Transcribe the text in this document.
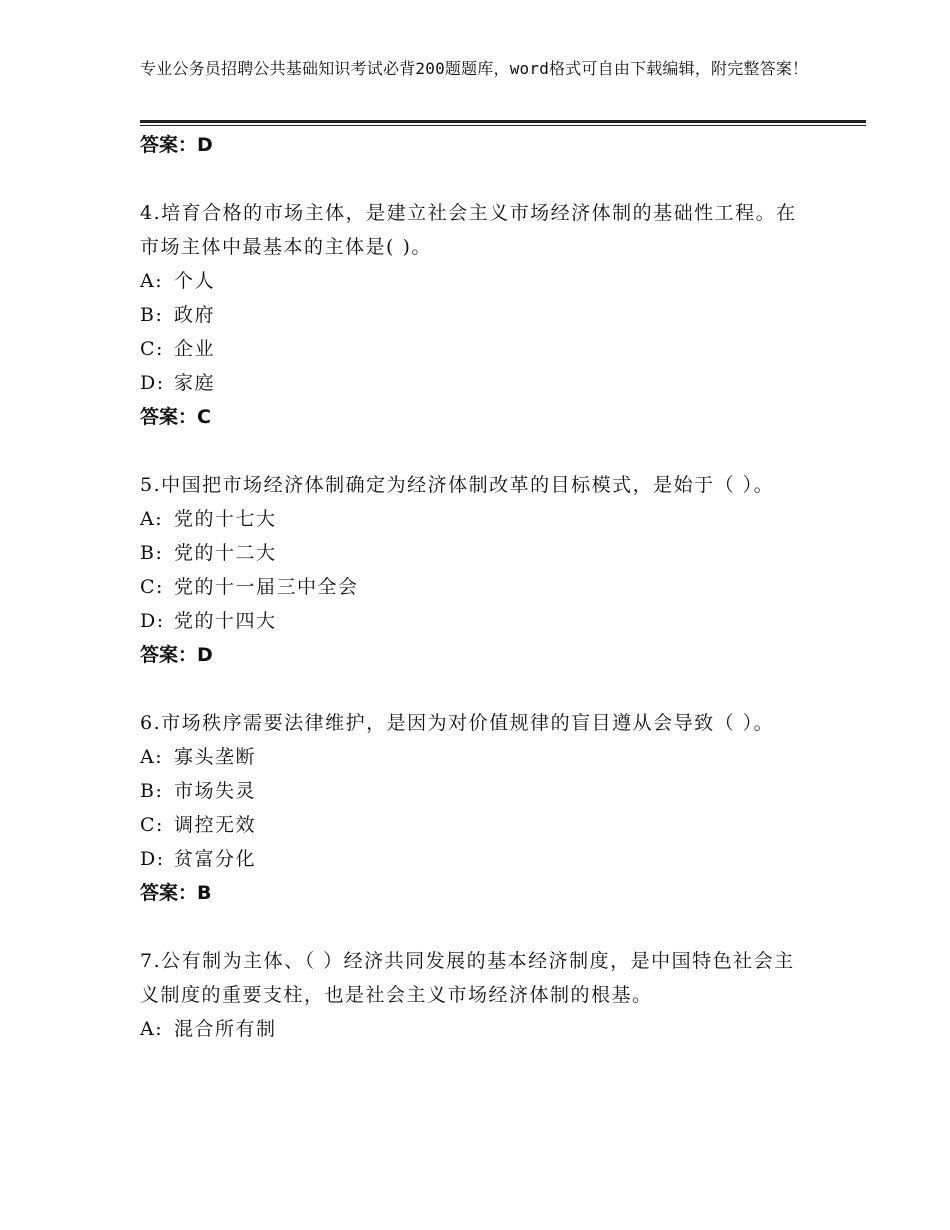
专业公务员招聘公共基础知识考试必背200题题库，word格式可自由下载编辑，附完整答案！

答案：D

4.培育合格的市场主体，是建立社会主义市场经济体制的基础性工程。在市场主体中最基本的主体是( )。

A: 个人

B: 政府

C: 企业

D: 家庭

答案：C

5.中国把市场经济体制确定为经济体制改革的目标模式，是始于（ ）。

A: 党的十七大

B: 党的十二大

C: 党的十一届三中全会

D: 党的十四大

答案：D

6.市场秩序需要法律维护，是因为对价值规律的盲目遵从会导致（ ）。

A: 寡头垄断

B: 市场失灵

C: 调控无效

D: 贫富分化

答案：B

7.公有制为主体、（ ）经济共同发展的基本经济制度，是中国特色社会主义制度的重要支柱，也是社会主义市场经济体制的根基。

A: 混合所有制
